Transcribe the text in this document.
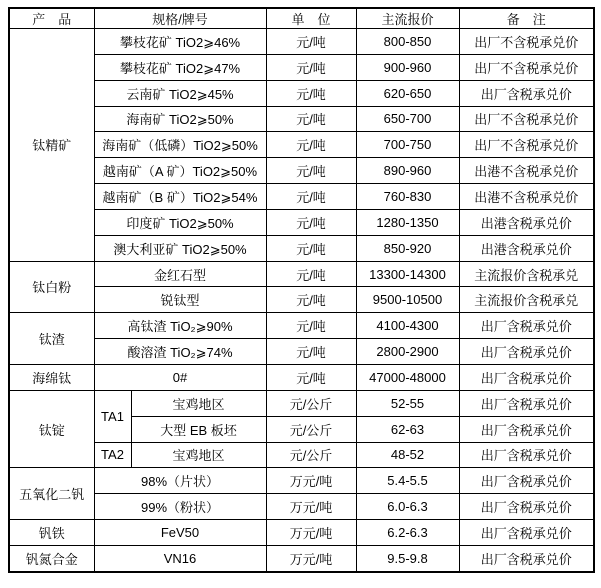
产　品	规格/牌号		单　位	主流报价	备　注
钛精矿	攀枝花矿 TiO2⩾46%		元/吨	800-850	出厂不含税承兑价
	攀枝花矿 TiO2⩾47%		元/吨	900-960	出厂不含税承兑价
	云南矿 TiO2⩾45%		元/吨	620-650	出厂含税承兑价
	海南矿 TiO2⩾50%		元/吨	650-700	出厂不含税承兑价
	海南矿（低磷）TiO2⩾50%		元/吨	700-750	出厂不含税承兑价
	越南矿（A 矿）TiO2⩾50%		元/吨	890-960	出港不含税承兑价
	越南矿（B 矿）TiO2⩾54%		元/吨	760-830	出港不含税承兑价
	印度矿 TiO2⩾50%		元/吨	1280-1350	出港含税承兑价
	澳大利亚矿 TiO2⩾50%		元/吨	850-920	出港含税承兑价
钛白粉	金红石型		元/吨	13300-14300	主流报价含税承兑
	锐钛型		元/吨	9500-10500	主流报价含税承兑
钛渣	高钛渣 TiO₂⩾90%		元/吨	4100-4300	出厂含税承兑价
	酸溶渣 TiO₂⩾74%		元/吨	2800-2900	出厂含税承兑价
海绵钛	0#		元/吨	47000-48000	出厂含税承兑价
钛锭	TA1	宝鸡地区	元/公斤	52-55	出厂含税承兑价
		大型 EB 板坯	元/公斤	62-63	出厂含税承兑价
	TA2	宝鸡地区	元/公斤	48-52	出厂含税承兑价
五氧化二钒	98%（片状）		万元/吨	5.4-5.5	出厂含税承兑价
	99%（粉状）		万元/吨	6.0-6.3	出厂含税承兑价
钒铁	FeV50		万元/吨	6.2-6.3	出厂含税承兑价
钒氮合金	VN16		万元/吨	9.5-9.8	出厂含税承兑价
